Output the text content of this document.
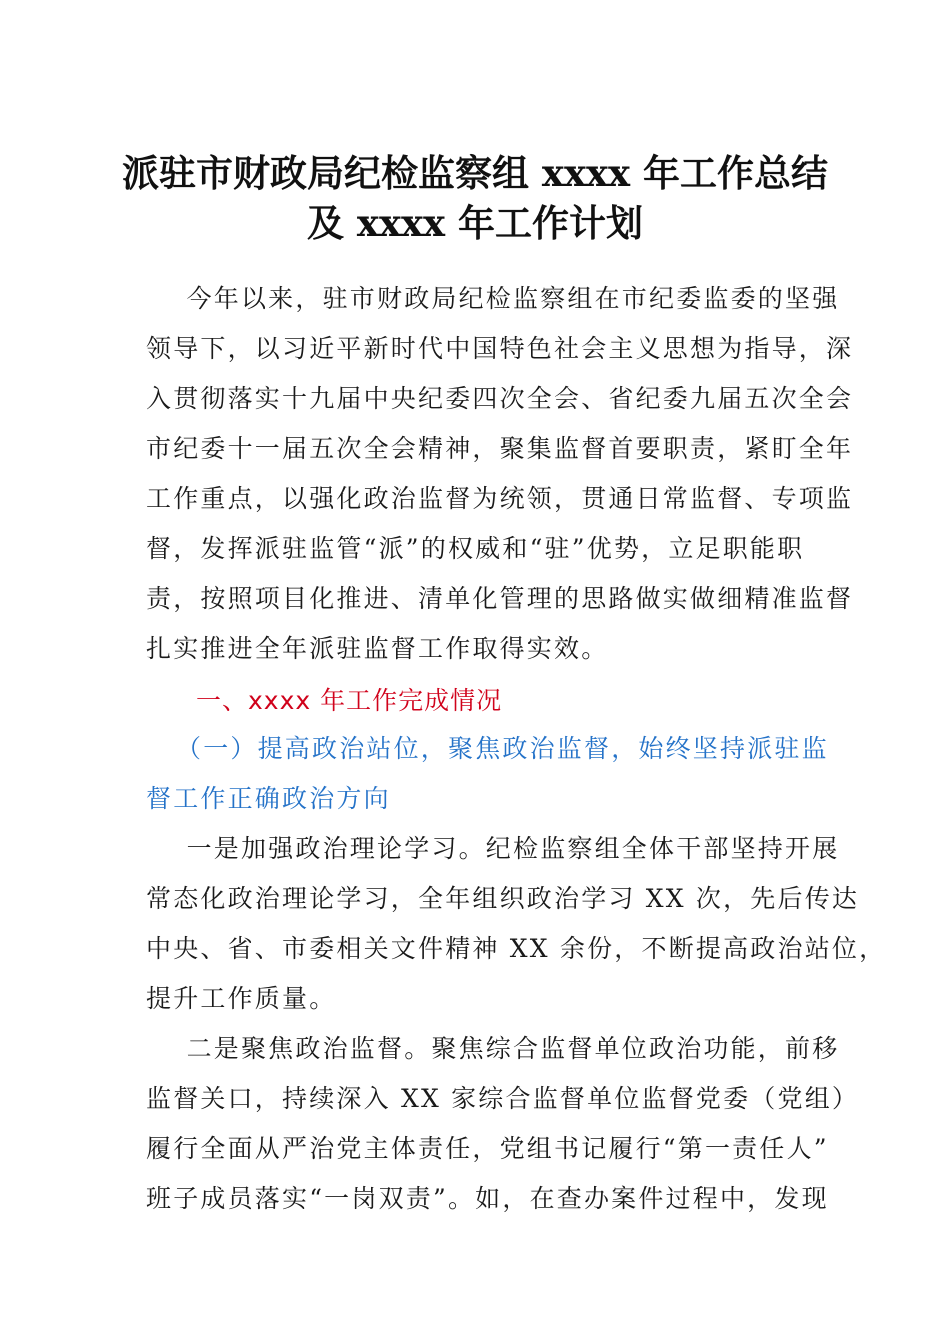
派驻市财政局纪检监察组 xxxx 年工作总结
及 xxxx 年工作计划
今年以来，驻市财政局纪检监察组在市纪委监委的坚强
领导下，以习近平新时代中国特色社会主义思想为指导，深
入贯彻落实十九届中央纪委四次全会、省纪委九届五次全会
市纪委十一届五次全会精神，聚集监督首要职责，紧盯全年
工作重点，以强化政治监督为统领，贯通日常监督、专项监
督，发挥派驻监管“派”的权威和“驻”优势，立足职能职
责，按照项目化推进、清单化管理的思路做实做细精准监督
扎实推进全年派驻监督工作取得实效。
一、xxxx 年工作完成情况
（一）提高政治站位，聚焦政治监督，始终坚持派驻监
督工作正确政治方向
一是加强政治理论学习。纪检监察组全体干部坚持开展
常态化政治理论学习，全年组织政治学习 XX 次，先后传达
中央、省、市委相关文件精神 XX 余份，不断提高政治站位，
提升工作质量。
二是聚焦政治监督。聚焦综合监督单位政治功能，前移
监督关口，持续深入 XX 家综合监督单位监督党委（党组）
履行全面从严治党主体责任，党组书记履行“第一责任人”
班子成员落实“一岗双责”。如，在查办案件过程中，发现
